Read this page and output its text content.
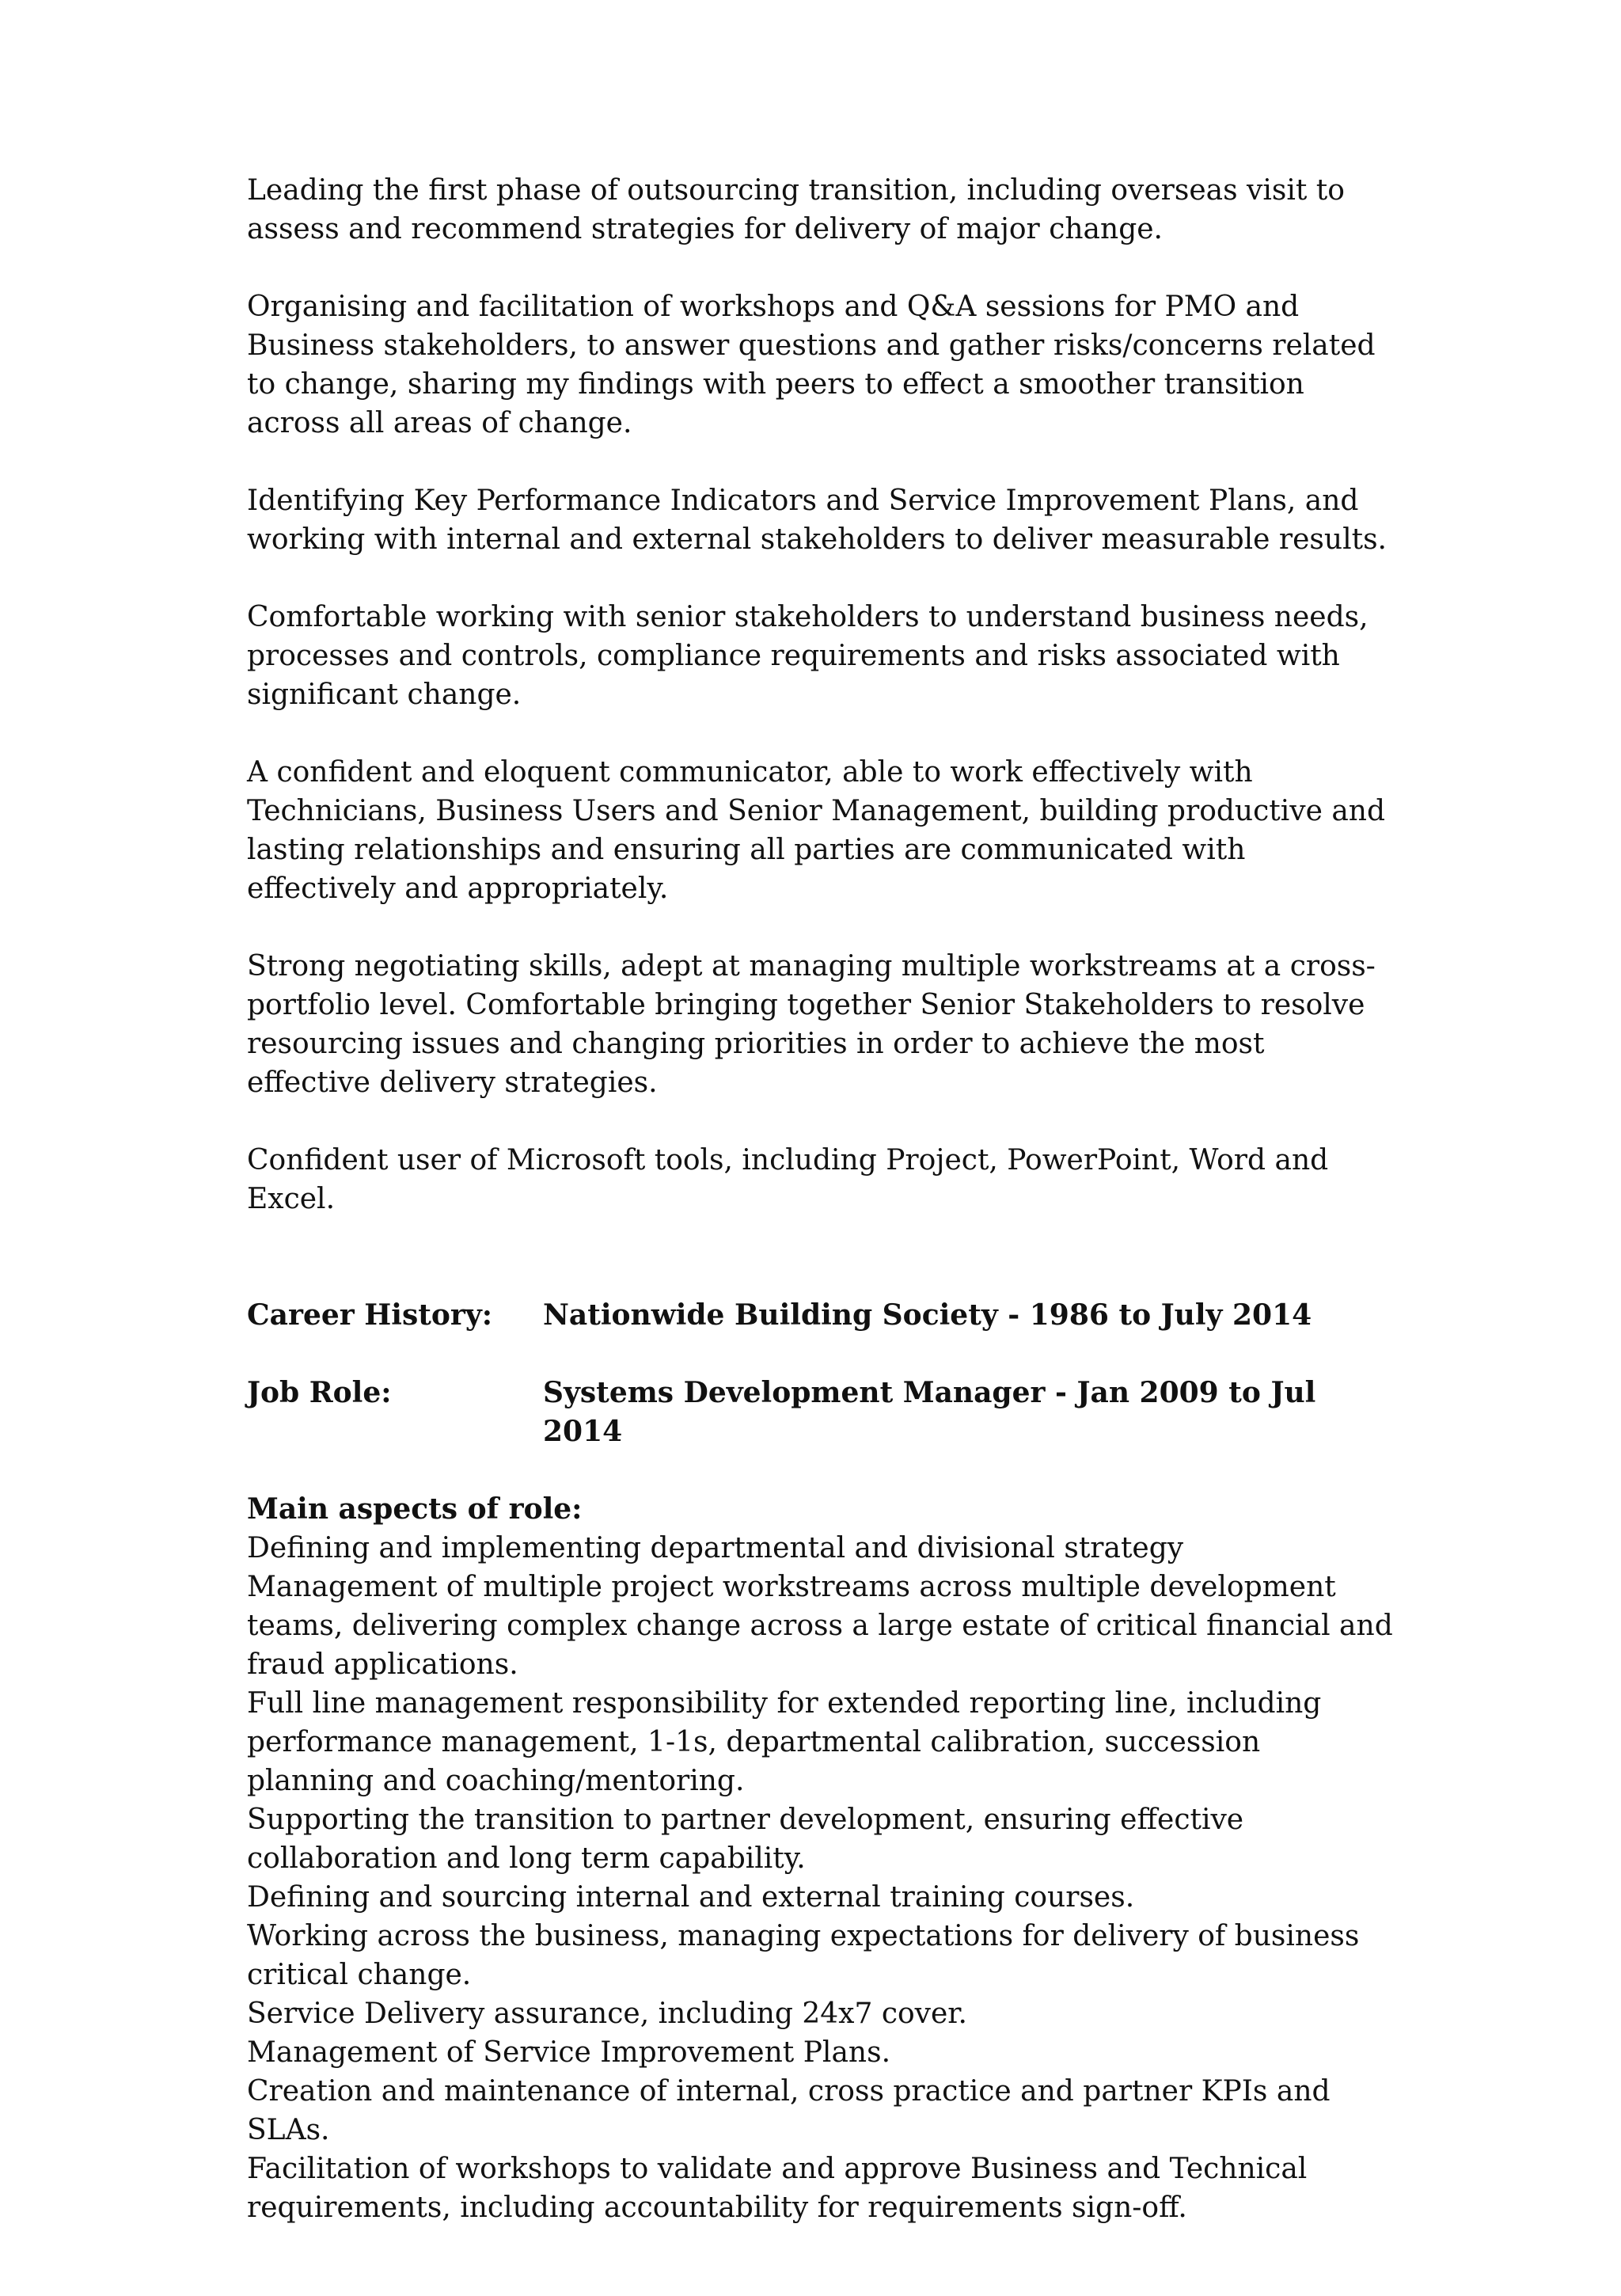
Leading the first phase of outsourcing transition, including overseas visit to assess and recommend strategies for delivery of major change.

Organising and facilitation of workshops and Q&A sessions for PMO and Business stakeholders, to answer questions and gather risks/concerns related to change, sharing my findings with peers to effect a smoother transition across all areas of change.

Identifying Key Performance Indicators and Service Improvement Plans, and working with internal and external stakeholders to deliver measurable results.

Comfortable working with senior stakeholders to understand business needs, processes and controls, compliance requirements and risks associated with significant change.

A confident and eloquent communicator, able to work effectively with Technicians, Business Users and Senior Management, building productive and lasting relationships and ensuring all parties are communicated with effectively and appropriately.

Strong negotiating skills, adept at managing multiple workstreams at a cross-portfolio level. Comfortable bringing together Senior Stakeholders to resolve resourcing issues and changing priorities in order to achieve the most effective delivery strategies.

Confident user of Microsoft tools, including Project, PowerPoint, Word and Excel.

Career History:	Nationwide Building Society - 1986 to July 2014
Job Role:	Systems Development Manager - Jan 2009 to Jul 2014

Main aspects of role:

Defining and implementing departmental and divisional strategy
Management of multiple project workstreams across multiple development teams, delivering complex change across a large estate of critical financial and fraud applications.
Full line management responsibility for extended reporting line, including performance management, 1-1s, departmental calibration, succession planning and coaching/mentoring.
Supporting the transition to partner development, ensuring effective collaboration and long term capability.
Defining and sourcing internal and external training courses.
Working across the business, managing expectations for delivery of business critical change.
Service Delivery assurance, including 24x7 cover.
Management of Service Improvement Plans.
Creation and maintenance of internal, cross practice and partner KPIs and SLAs.
Facilitation of workshops to validate and approve Business and Technical requirements, including accountability for requirements sign-off.
